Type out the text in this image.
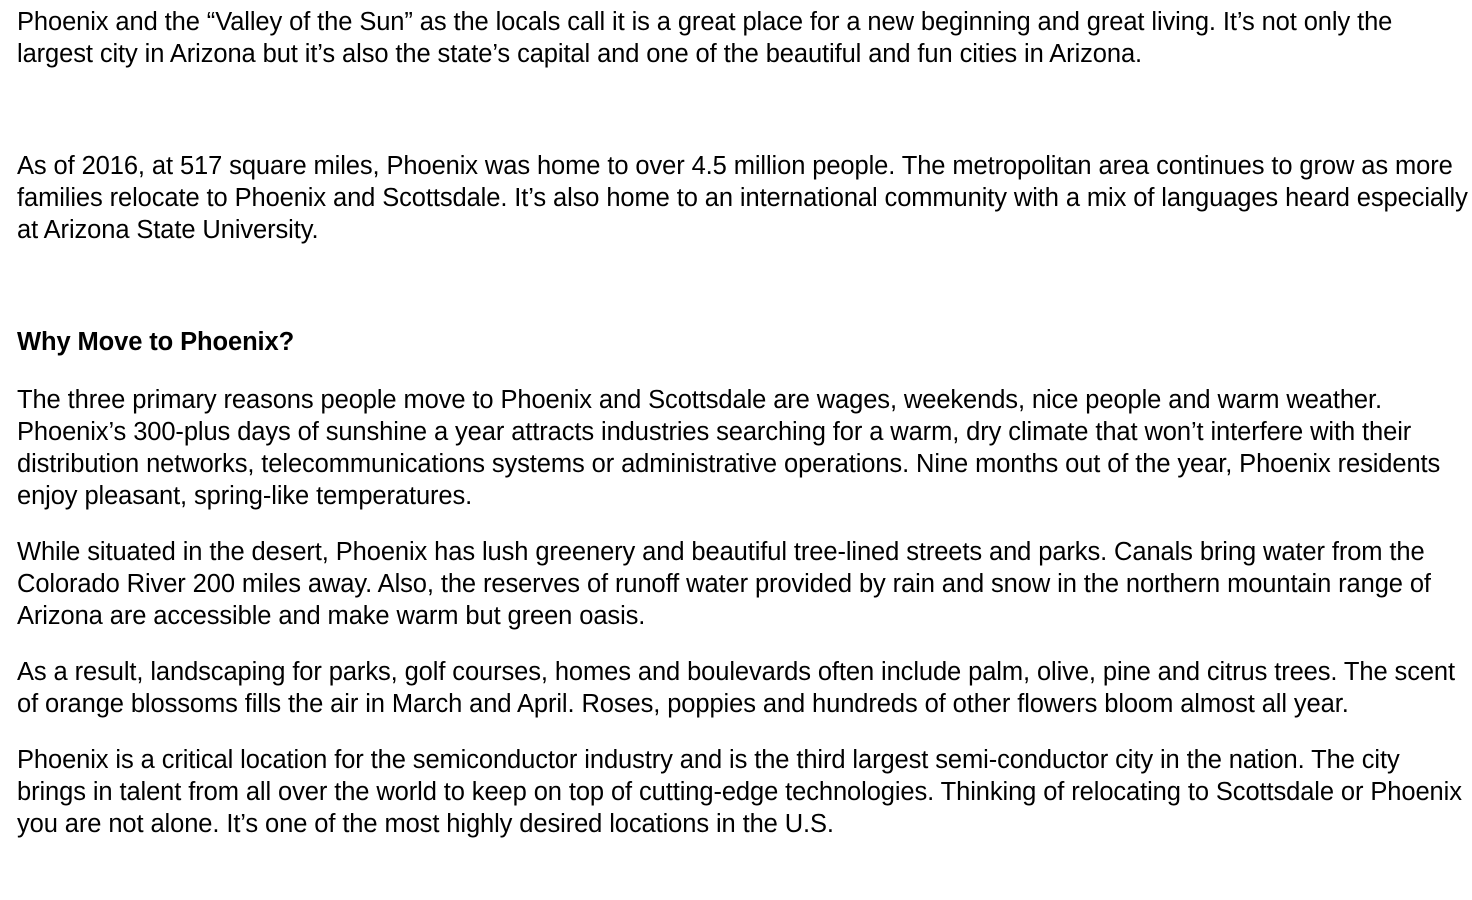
Phoenix and the “Valley of the Sun” as the locals call it is a great place for a new beginning and great living. It’s not only the largest city in Arizona but it’s also the state’s capital and one of the beautiful and fun cities in Arizona.

As of 2016, at 517 square miles, Phoenix was home to over 4.5 million people. The metropolitan area continues to grow as more families relocate to Phoenix and Scottsdale. It’s also home to an international community with a mix of languages heard especially at Arizona State University.

Why Move to Phoenix?

The three primary reasons people move to Phoenix and Scottsdale are wages, weekends, nice people and warm weather. Phoenix’s 300-plus days of sunshine a year attracts industries searching for a warm, dry climate that won’t interfere with their distribution networks, telecommunications systems or administrative operations. Nine months out of the year, Phoenix residents enjoy pleasant, spring-like temperatures.

While situated in the desert, Phoenix has lush greenery and beautiful tree-lined streets and parks. Canals bring water from the Colorado River 200 miles away. Also, the reserves of runoff water provided by rain and snow in the northern mountain range of Arizona are accessible and make warm but green oasis.

As a result, landscaping for parks, golf courses, homes and boulevards often include palm, olive, pine and citrus trees. The scent of orange blossoms fills the air in March and April. Roses, poppies and hundreds of other flowers bloom almost all year.

Phoenix is a critical location for the semiconductor industry and is the third largest semi-conductor city in the nation. The city brings in talent from all over the world to keep on top of cutting-edge technologies. Thinking of relocating to Scottsdale or Phoenix you are not alone. It’s one of the most highly desired locations in the U.S.
